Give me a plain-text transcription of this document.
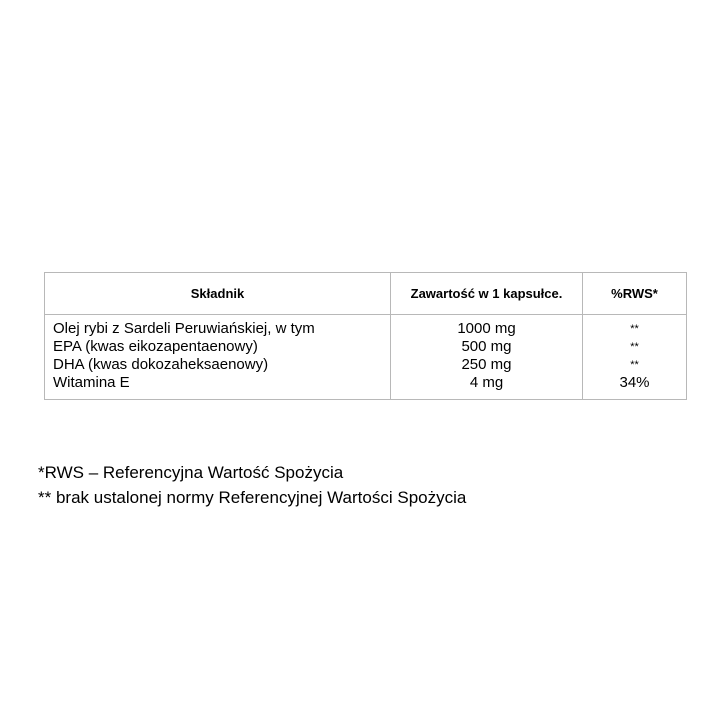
Składnik	Zawartość w 1 kapsułce.	%RWS*
Olej rybi z Sardeli Peruwiańskiej, w tym
EPA (kwas eikozapentaenowy)
DHA (kwas dokozaheksaenowy)
Witamina E
1000 mg
500 mg
250 mg
4 mg
**
**
**
34%
*RWS – Referencyjna Wartość Spożycia
** brak ustalonej normy Referencyjnej Wartości Spożycia
